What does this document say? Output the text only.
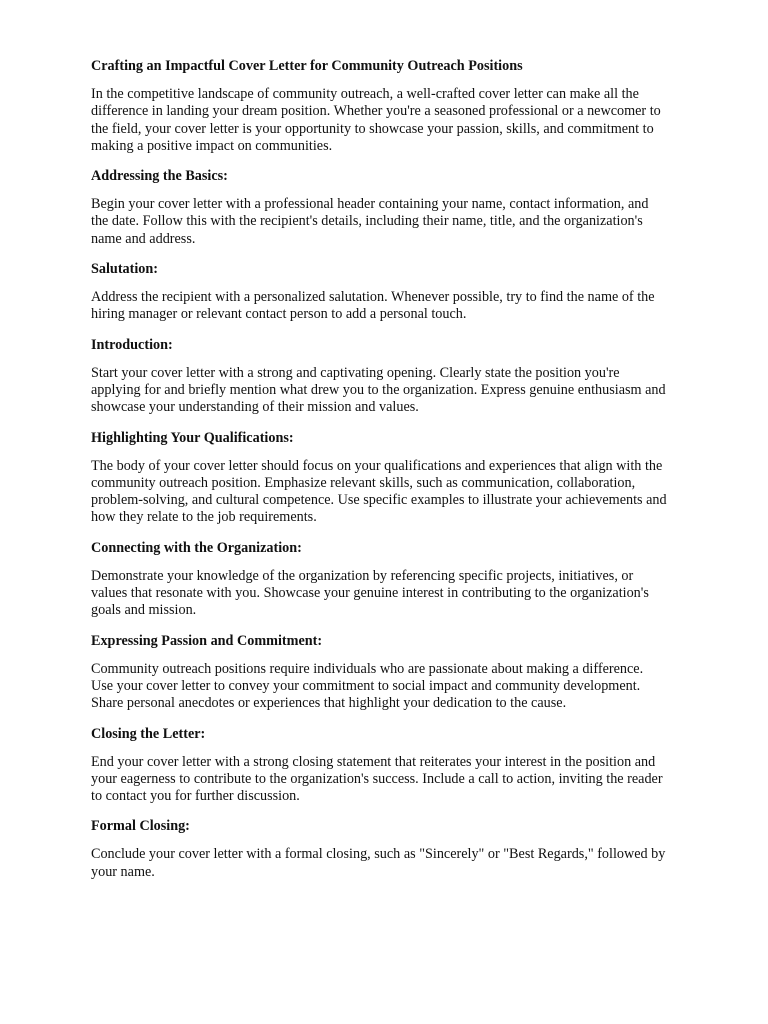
Crafting an Impactful Cover Letter for Community Outreach Positions
In the competitive landscape of community outreach, a well-crafted cover letter can make all the
difference in landing your dream position. Whether you're a seasoned professional or a newcomer to
the field, your cover letter is your opportunity to showcase your passion, skills, and commitment to
making a positive impact on communities.
Addressing the Basics:
Begin your cover letter with a professional header containing your name, contact information, and
the date. Follow this with the recipient's details, including their name, title, and the organization's
name and address.
Salutation:
Address the recipient with a personalized salutation. Whenever possible, try to find the name of the
hiring manager or relevant contact person to add a personal touch.
Introduction:
Start your cover letter with a strong and captivating opening. Clearly state the position you're
applying for and briefly mention what drew you to the organization. Express genuine enthusiasm and
showcase your understanding of their mission and values.
Highlighting Your Qualifications:
The body of your cover letter should focus on your qualifications and experiences that align with the
community outreach position. Emphasize relevant skills, such as communication, collaboration,
problem-solving, and cultural competence. Use specific examples to illustrate your achievements and
how they relate to the job requirements.
Connecting with the Organization:
Demonstrate your knowledge of the organization by referencing specific projects, initiatives, or
values that resonate with you. Showcase your genuine interest in contributing to the organization's
goals and mission.
Expressing Passion and Commitment:
Community outreach positions require individuals who are passionate about making a difference.
Use your cover letter to convey your commitment to social impact and community development.
Share personal anecdotes or experiences that highlight your dedication to the cause.
Closing the Letter:
End your cover letter with a strong closing statement that reiterates your interest in the position and
your eagerness to contribute to the organization's success. Include a call to action, inviting the reader
to contact you for further discussion.
Formal Closing:
Conclude your cover letter with a formal closing, such as "Sincerely" or "Best Regards," followed by
your name.
